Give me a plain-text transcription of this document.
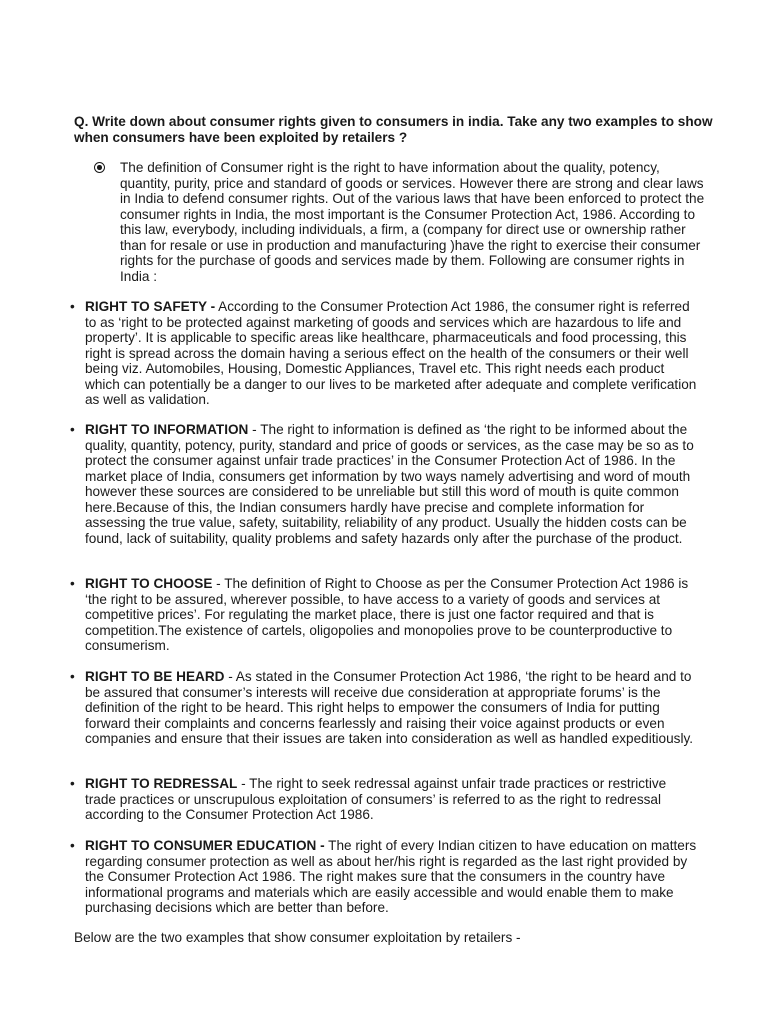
Q. Write down about consumer rights given to consumers in india. Take any two examples to show when consumers have been exploited by retailers ?
The definition of Consumer right is the right to have information about the quality, potency, quantity, purity, price and standard of goods or services. However there are strong and clear laws in India to defend consumer rights. Out of the various laws that have been enforced to protect the consumer rights in India, the most important is the Consumer Protection Act, 1986. According to this law, everybody, including individuals, a firm, a (company for direct use or ownership rather than for resale or use in production and manufacturing )have the right to exercise their consumer rights for the purchase of goods and services made by them. Following are consumer rights in India :
• RIGHT TO SAFETY - According to the Consumer Protection Act 1986, the consumer right is referred to as ‘right to be protected against marketing of goods and services which are hazardous to life and property’. It is applicable to specific areas like healthcare, pharmaceuticals and food processing, this right is spread across the domain having a serious effect on the health of the consumers or their well being viz. Automobiles, Housing, Domestic Appliances, Travel etc. This right needs each product which can potentially be a danger to our lives to be marketed after adequate and complete verification as well as validation.
• RIGHT TO INFORMATION - The right to information is defined as ‘the right to be informed about the quality, quantity, potency, purity, standard and price of goods or services, as the case may be so as to protect the consumer against unfair trade practices’ in the Consumer Protection Act of 1986. In the market place of India, consumers get information by two ways namely advertising and word of mouth however these sources are considered to be unreliable but still this word of mouth is quite common here.Because of this, the Indian consumers hardly have precise and complete information for assessing the true value, safety, suitability, reliability of any product. Usually the hidden costs can be found, lack of suitability, quality problems and safety hazards only after the purchase of the product.
• RIGHT TO CHOOSE - The definition of Right to Choose as per the Consumer Protection Act 1986 is ‘the right to be assured, wherever possible, to have access to a variety of goods and services at competitive prices’. For regulating the market place, there is just one factor required and that is competition.The existence of cartels, oligopolies and monopolies prove to be counterproductive to consumerism.
• RIGHT TO BE HEARD - As stated in the Consumer Protection Act 1986, ‘the right to be heard and to be assured that consumer’s interests will receive due consideration at appropriate forums’ is the definition of the right to be heard. This right helps to empower the consumers of India for putting forward their complaints and concerns fearlessly and raising their voice against products or even companies and ensure that their issues are taken into consideration as well as handled expeditiously.
• RIGHT TO REDRESSAL - The right to seek redressal against unfair trade practices or restrictive trade practices or unscrupulous exploitation of consumers’ is referred to as the right to redressal according to the Consumer Protection Act 1986.
• RIGHT TO CONSUMER EDUCATION - The right of every Indian citizen to have education on matters regarding consumer protection as well as about her/his right is regarded as the last right provided by the Consumer Protection Act 1986. The right makes sure that the consumers in the country have informational programs and materials which are easily accessible and would enable them to make purchasing decisions which are better than before.
Below are the two examples that show consumer exploitation by retailers -
